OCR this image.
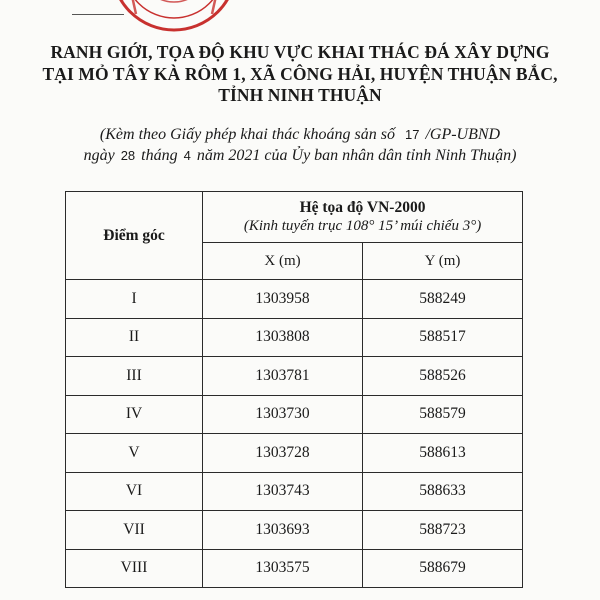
RANH GIỚI, TỌA ĐỘ KHU VỰC KHAI THÁC ĐÁ XÂY DỰNG
TẠI MỎ TÂY KÀ RÔM 1, XÃ CÔNG HẢI, HUYỆN THUẬN BẮC,
TỈNH NINH THUẬN
(Kèm theo Giấy phép khai thác khoáng sản số 17 /GP-UBND
ngày 28 tháng 4 năm 2021 của Ủy ban nhân dân tỉnh Ninh Thuận)
Điểm góc	Hệ tọa độ VN-2000
(Kinh tuyến trục 108° 15’ múi chiếu 3°)	

	X (m)	Y (m)
I	1303958	588249
II	1303808	588517
III	1303781	588526
IV	1303730	588579
V	1303728	588613
VI	1303743	588633
VII	1303693	588723
VIII	1303575	588679
